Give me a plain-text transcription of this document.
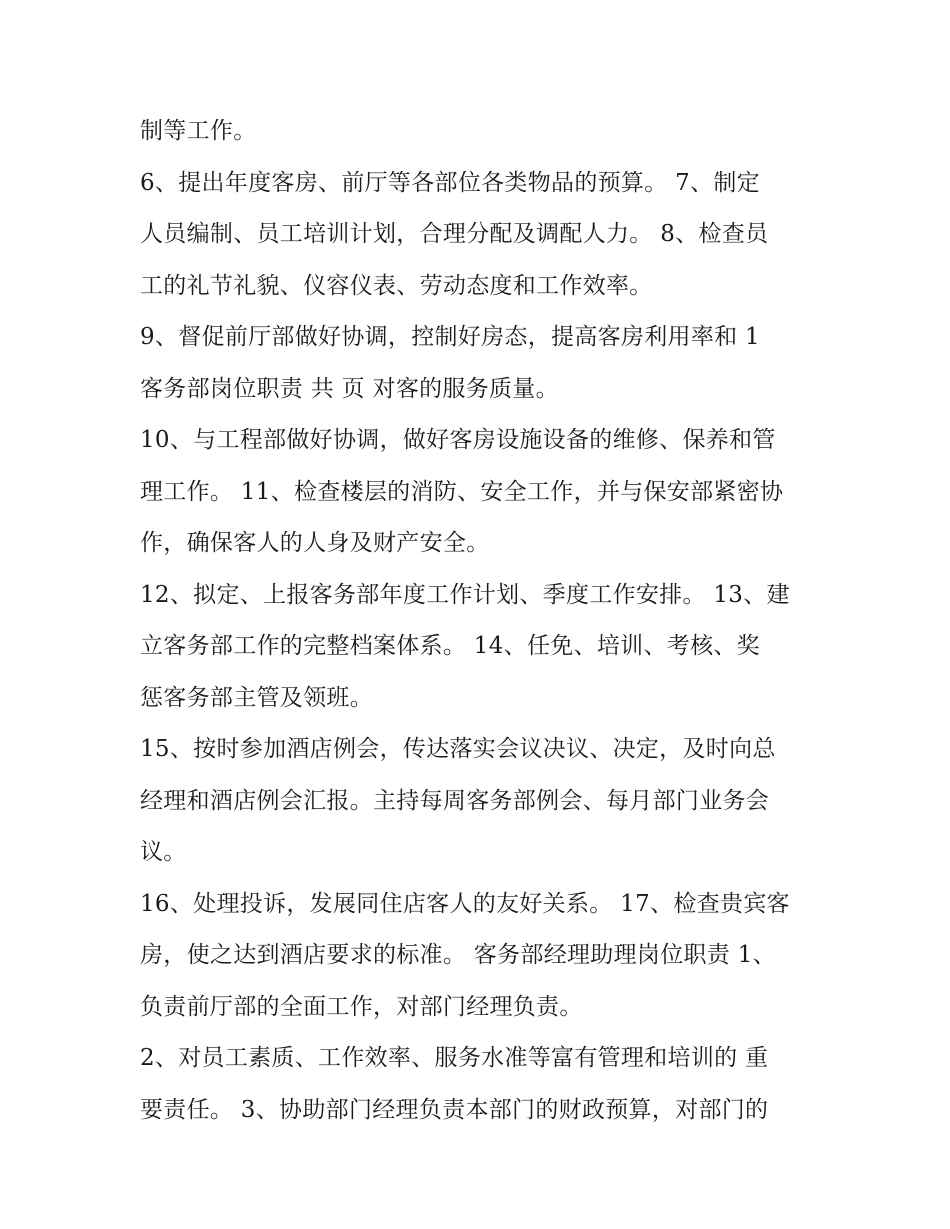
制等工作。
6、提出年度客房、前厅等各部位各类物品的预算。 7、制定
人员编制、员工培训计划，合理分配及调配人力。 8、检查员
工的礼节礼貌、仪容仪表、劳动态度和工作效率。
9、督促前厅部做好协调，控制好房态，提高客房利用率和 1
客务部岗位职责 共 页 对客的服务质量。
10、与工程部做好协调，做好客房设施设备的维修、保养和管
理工作。 11、检查楼层的消防、安全工作，并与保安部紧密协
作，确保客人的人身及财产安全。
12、拟定、上报客务部年度工作计划、季度工作安排。 13、建
立客务部工作的完整档案体系。 14、任免、培训、考核、奖
惩客务部主管及领班。
15、按时参加酒店例会，传达落实会议决议、决定，及时向总
经理和酒店例会汇报。主持每周客务部例会、每月部门业务会
议。
16、处理投诉，发展同住店客人的友好关系。 17、检查贵宾客
房，使之达到酒店要求的标准。 客务部经理助理岗位职责 1、
负责前厅部的全面工作，对部门经理负责。
2、对员工素质、工作效率、服务水准等富有管理和培训的 重
要责任。 3、协助部门经理负责本部门的财政预算，对部门的
